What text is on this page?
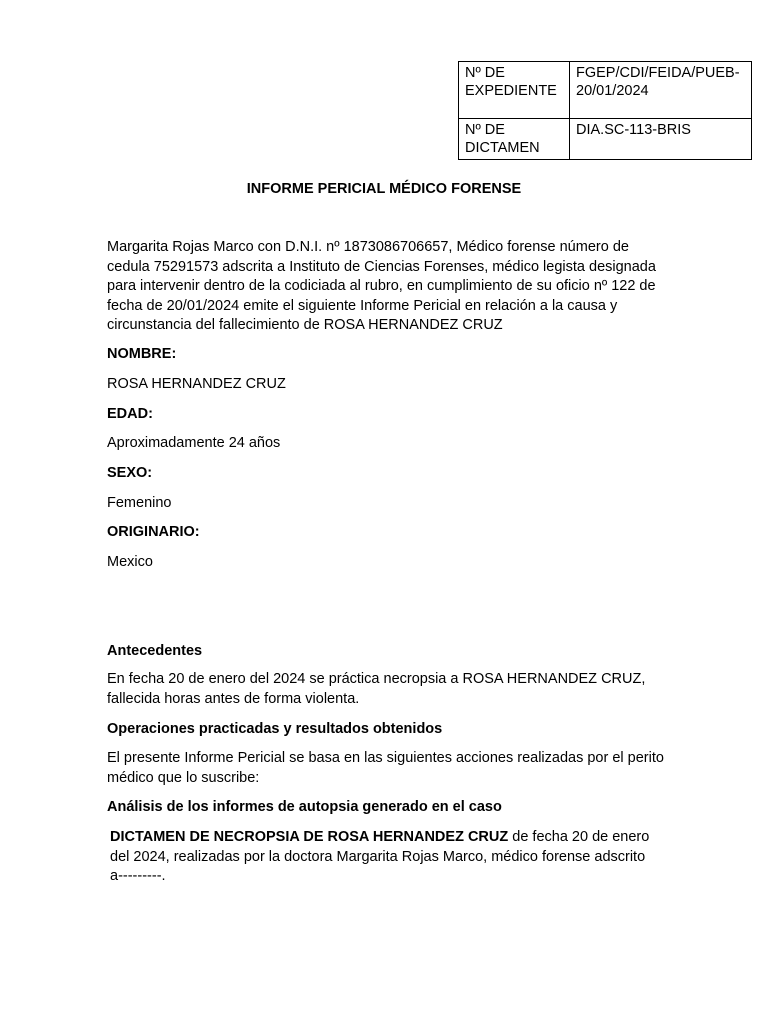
Nº DE EXPEDIENTE	FGEP/CDI/FEIDA/PUEB-20/01/2024
Nº DE DICTAMEN	DIA.SC-113-BRIS
INFORME PERICIAL MÉDICO FORENSE
Margarita Rojas Marco con D.N.I. nº 1873086706657, Médico forense número de cedula 75291573 adscrita a Instituto de Ciencias Forenses, médico legista designada para intervenir dentro de la codiciada al rubro, en cumplimiento de su oficio nº 122 de fecha de 20/01/2024 emite el siguiente Informe Pericial en relación a la causa y circunstancia del fallecimiento de ROSA HERNANDEZ CRUZ
NOMBRE:
ROSA HERNANDEZ CRUZ
EDAD:
Aproximadamente 24 años
SEXO:
Femenino
ORIGINARIO:
Mexico
Antecedentes
En fecha 20 de enero del 2024 se práctica necropsia a ROSA HERNANDEZ CRUZ, fallecida horas antes de forma violenta.
Operaciones practicadas y resultados obtenidos
El presente Informe Pericial se basa en las siguientes acciones realizadas por el perito médico que lo suscribe:
Análisis de los informes de autopsia generado en el caso
DICTAMEN DE NECROPSIA DE ROSA HERNANDEZ CRUZ de fecha 20 de enero del 2024, realizadas por la doctora Margarita Rojas Marco, médico forense adscrito a---------.
